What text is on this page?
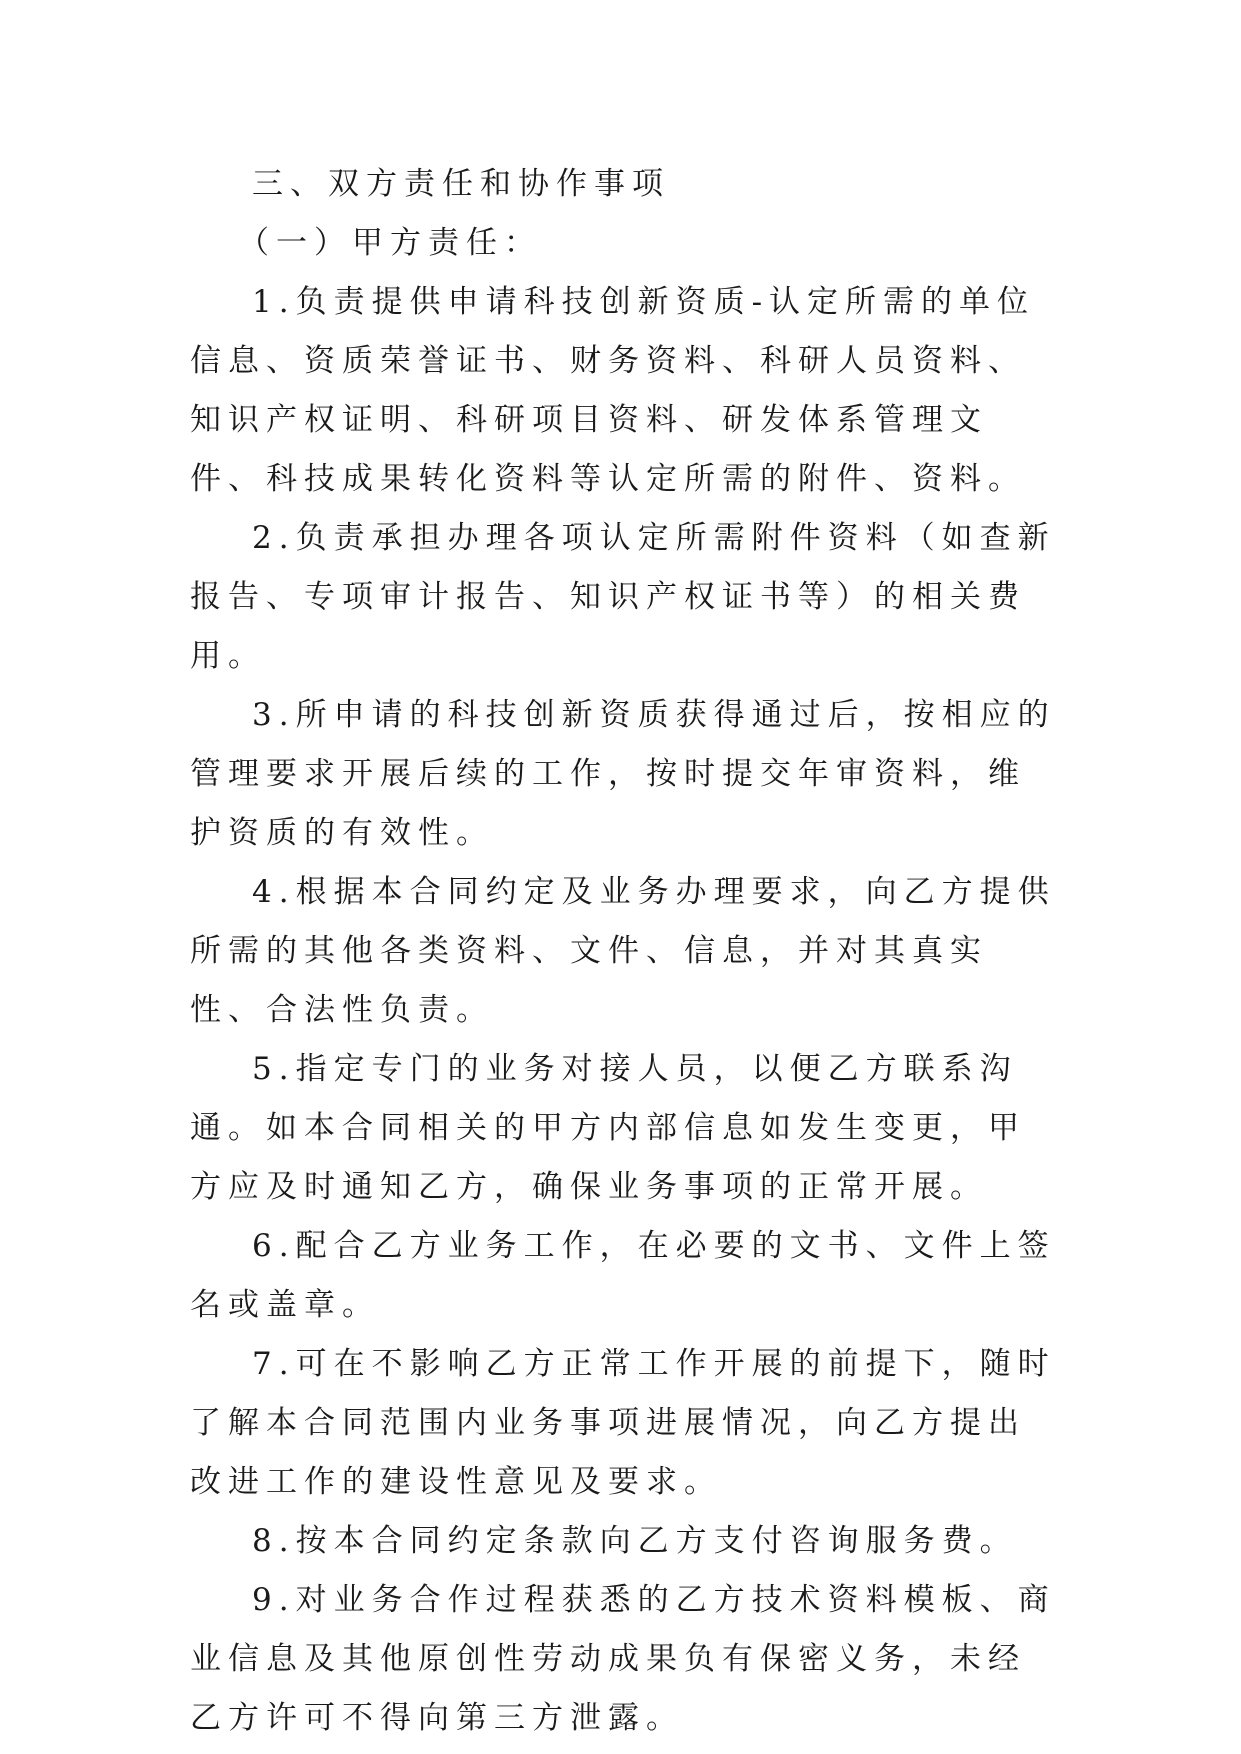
三、双方责任和协作事项

（一）甲方责任：

1.负责提供申请科技创新资质-认定所需的单位信息、资质荣誉证书、财务资料、科研人员资料、知识产权证明、科研项目资料、研发体系管理文件、科技成果转化资料等认定所需的附件、资料。

2.负责承担办理各项认定所需附件资料（如查新报告、专项审计报告、知识产权证书等）的相关费用。

3.所申请的科技创新资质获得通过后，按相应的管理要求开展后续的工作，按时提交年审资料，维护资质的有效性。

4.根据本合同约定及业务办理要求，向乙方提供所需的其他各类资料、文件、信息，并对其真实性、合法性负责。

5.指定专门的业务对接人员，以便乙方联系沟通。如本合同相关的甲方内部信息如发生变更，甲方应及时通知乙方，确保业务事项的正常开展。

6.配合乙方业务工作，在必要的文书、文件上签名或盖章。

7.可在不影响乙方正常工作开展的前提下，随时了解本合同范围内业务事项进展情况，向乙方提出改进工作的建设性意见及要求。

8.按本合同约定条款向乙方支付咨询服务费。

9.对业务合作过程获悉的乙方技术资料模板、商业信息及其他原创性劳动成果负有保密义务，未经乙方许可不得向第三方泄露。
